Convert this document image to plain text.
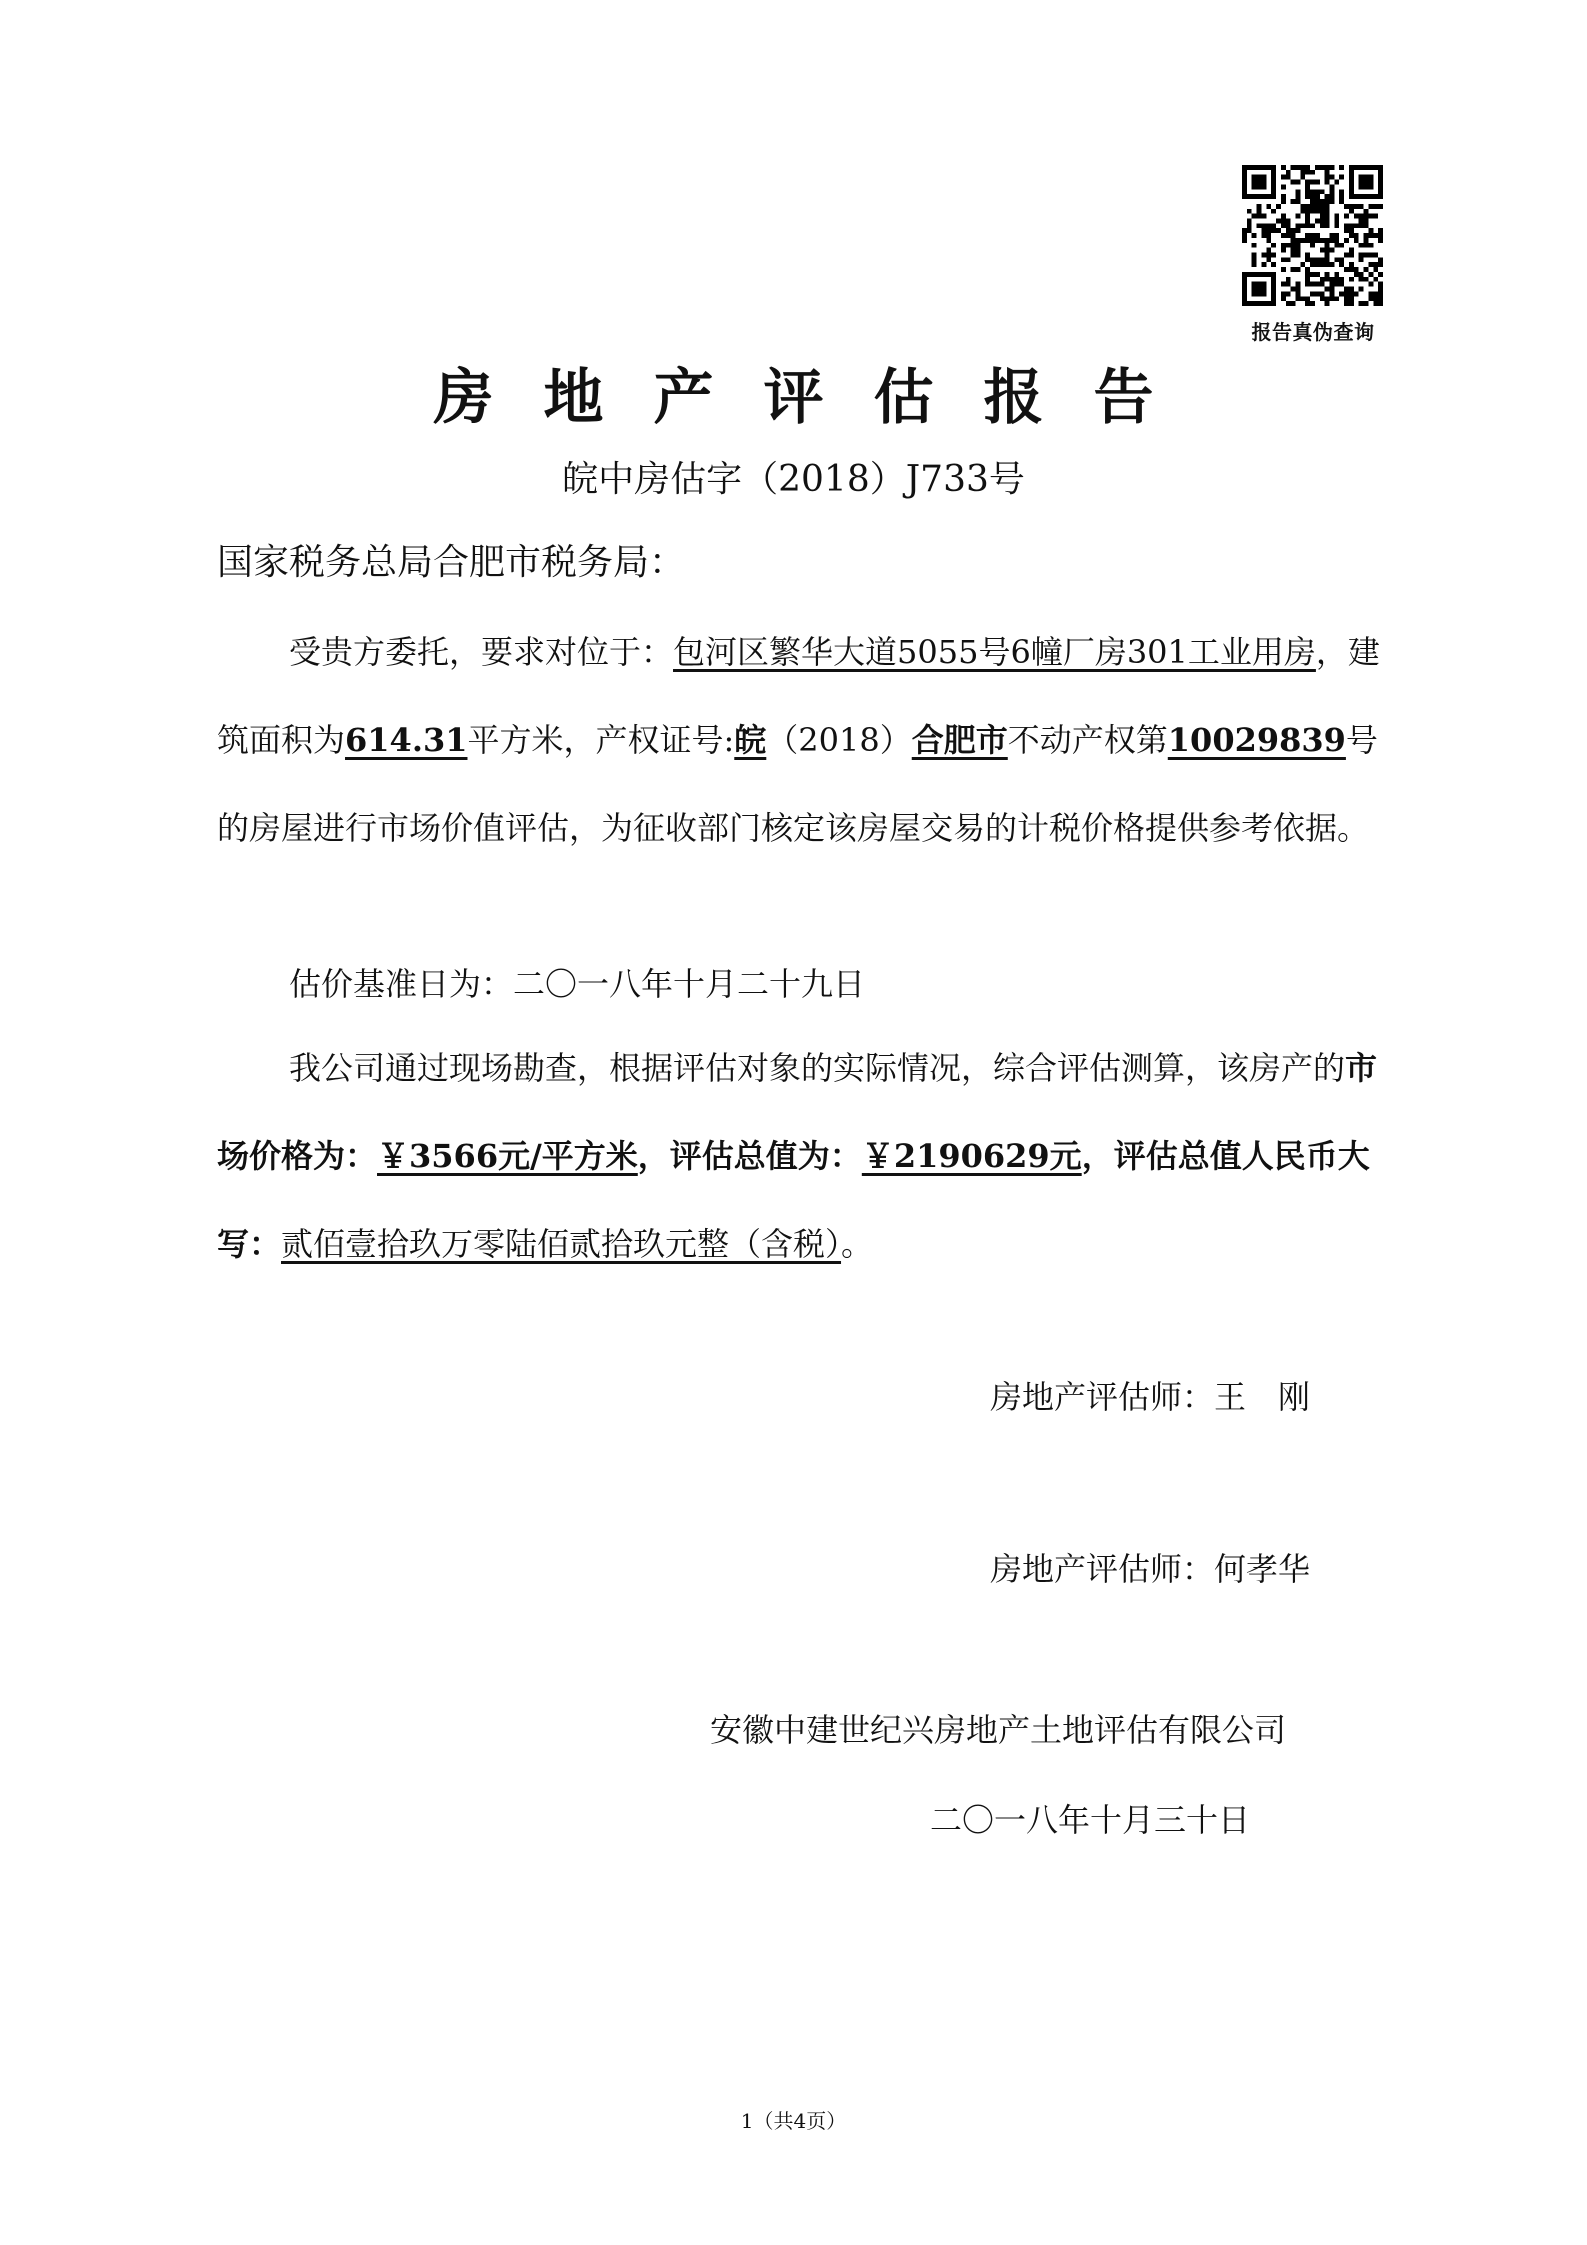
报告真伪查询
房地产评估报告
皖中房估字（2018）J733号
国家税务总局合肥市税务局：
受贵方委托，要求对位于：包河区繁华大道5055号6幢厂房301工业用房，建筑面积为614.31平方米，产权证号:皖（2018）合肥市不动产权第10029839号的房屋进行市场价值评估，为征收部门核定该房屋交易的计税价格提供参考依据。
估价基准日为：二〇一八年十月二十九日
我公司通过现场勘查，根据评估对象的实际情况，综合评估测算，该房产的市场价格为：￥3566元/平方米，评估总值为：￥2190629元，评估总值人民币大写：贰佰壹拾玖万零陆佰贰拾玖元整（含税）。
房地产评估师：王　刚
房地产评估师：何孝华
安徽中建世纪兴房地产土地评估有限公司
二〇一八年十月三十日
1（共4页）
